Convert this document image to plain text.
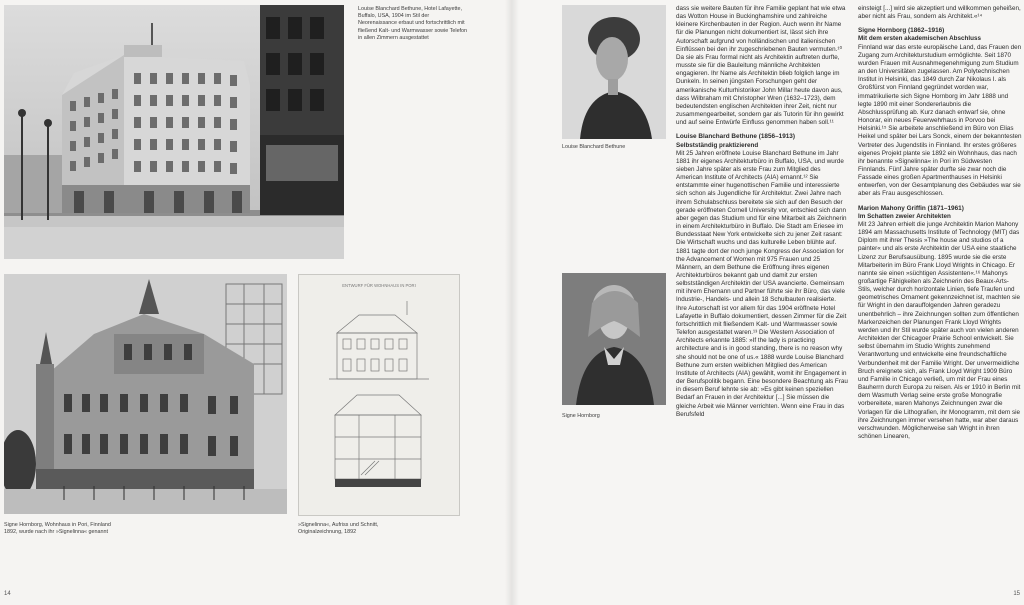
Louise Blanchard Bethune, Hotel Lafayette, Buffalo, USA, 1904 im Stil der Neorenaissance erbaut und fortschrittlich mit fließend Kalt- und Warmwasser sowie Telefon in allen Zimmern ausgestattet

Signe Hornborg, Wohnhaus in Pori, Finnland 1892, wurde nach ihr »Signelinna« genannt

ENTWURF FÜR WOHNHAUS IN PORI

»Signelinna«, Aufriss und Schnitt, Originalzeichnung, 1892

14

Louise Blanchard Bethune

Signe Hornborg

dass sie weitere Bauten für ihre Familie geplant hat wie etwa das Wotton House in Buckinghamshire und zahlreiche kleinere Kirchenbauten in der Region. Auch wenn ihr Name für die Planungen nicht dokumentiert ist, lässt sich ihre Autorschaft aufgrund von holländischen und italienischen Einflüssen bei den ihr zugeschriebenen Bauten vermuten.¹⁰ Da sie als Frau formal nicht als Architektin auftreten durfte, musste sie für die Bauleitung männliche Architekten engagieren. Ihr Name als Architektin blieb folglich lange im Dunkeln. In seinen jüngsten Forschungen geht der amerikanische Kulturhistoriker John Millar heute davon aus, dass Wilbraham mit Christopher Wren (1632–1723), dem bedeutendsten englischen Architekten ihrer Zeit, nicht nur zusammengearbeitet, sondern gar als Tutorin für ihn gewirkt und auf seine Entwürfe Einfluss genommen haben soll.¹¹

Louise Blanchard Bethune (1856–1913)

Selbstständig praktizierend

Mit 25 Jahren eröffnete Louise Blanchard Bethune im Jahr 1881 ihr eigenes Architekturbüro in Buffalo, USA, und wurde sieben Jahre später als erste Frau zum Mitglied des American Institute of Architects (AIA) ernannt.¹² Sie entstammte einer hugenottischen Familie und interessierte sich schon als Jugendliche für Architektur. Zwei Jahre nach ihrem Schulabschluss bereitete sie sich auf den Besuch der gerade eröffneten Cornell University vor, entschied sich dann aber gegen das Studium und für eine Mitarbeit als Zeichnerin in einem Architekturbüro in Buffalo. Die Stadt am Eriesee im Bundesstaat New York entwickelte sich zu jener Zeit rasant: Die Wirtschaft wuchs und das kulturelle Leben blühte auf. 1881 tagte dort der noch junge Kongress der Association for the Advancement of Women mit 975 Frauen und 25 Männern, an dem Bethune die Eröffnung ihres eigenen Architekturbüros bekannt gab und damit zur ersten selbstständigen Architektin der USA avancierte. Gemeinsam mit ihrem Ehemann und Partner führte sie ihr Büro, das viele Industrie-, Handels- und allein 18 Schulbauten realisierte. Ihre Autorschaft ist vor allem für das 1904 eröffnete Hotel Lafayette in Buffalo dokumentiert, dessen Zimmer für die Zeit fortschrittlich mit fließendem Kalt- und Warmwasser sowie Telefon ausgestattet waren.¹³ Die Western Association of Architects erkannte 1885: »If the lady is practicing architecture and is in good standing, there is no reason why she should not be one of us.« 1888 wurde Louise Blanchard Bethune zum ersten weiblichen Mitglied des American Institute of Architects (AIA) gewählt, womit ihr Engagement in der Berufspolitik begann. Eine besondere Beachtung als Frau in diesem Beruf lehnte sie ab: »Es gibt keinen speziellen Bedarf an Frauen in der Architektur [...] Sie müssen die gleiche Arbeit wie Männer verrichten. Wenn eine Frau in das Berufsfeld

einsteigt [...] wird sie akzeptiert und willkommen geheißen, aber nicht als Frau, sondern als Architekt.«¹⁴

Signe Hornborg (1862–1916)

Mit dem ersten akademischen Abschluss

Finnland war das erste europäische Land, das Frauen den Zugang zum Architekturstudium ermöglichte. Seit 1870 wurden Frauen mit Ausnahmegenehmigung zum Studium an den Universitäten zugelassen. Am Polytechnischen Institut in Helsinki, das 1849 durch Zar Nikolaus I. als Großfürst von Finnland gegründet worden war, immatrikulierte sich Signe Hornborg im Jahr 1888 und legte 1890 mit einer Sondererlaubnis die Abschlussprüfung ab. Kurz danach entwarf sie, ohne Honorar, ein neues Feuerwehrhaus in Porvoo bei Helsinki.¹⁵ Sie arbeitete anschließend im Büro von Elias Heikel und später bei Lars Sonck, einem der bekanntesten Vertreter des Jugendstils in Finnland. Ihr erstes größeres eigenes Projekt plante sie 1892 ein Wohnhaus, das nach ihr benannte »Signelinna« in Pori im Südwesten Finnlands. Fünf Jahre später durfte sie zwar noch die Fassade eines großen Apartmenthauses in Helsinki entwerfen, von der Gesamtplanung des Gebäudes war sie aber als Frau ausgeschlossen.

Marion Mahony Griffin (1871–1961)

Im Schatten zweier Architekten

Mit 23 Jahren erhielt die junge Architektin Marion Mahony 1894 am Massachusetts Institute of Technology (MIT) das Diplom mit ihrer Thesis »The house and studios of a painter« und als erste Architektin der USA eine staatliche Lizenz zur Berufsausübung. 1895 wurde sie die erste Mitarbeiterin im Büro Frank Lloyd Wrights in Chicago. Er nannte sie einen »süchtigen Assistenten«.¹⁶ Mahonys großartige Fähigkeiten als Zeichnerin des Beaux-Arts-Stils, welcher durch horizontale Linien, tiefe Traufen und geometrisches Ornament gekennzeichnet ist, machten sie für Wright in den darauffolgenden Jahren geradezu unentbehrlich – ihre Zeichnungen sollten zum öffentlichen Markenzeichen der Planungen Frank Lloyd Wrights werden und ihr Stil wurde später auch von vielen anderen Architekten der Chicagoer Prairie School entwickelt. Sie selbst übernahm im Studio Wrights zunehmend Verantwortung und entwickelte eine freundschaftliche Verbundenheit mit der Familie Wright. Der unvermeidliche Bruch ereignete sich, als Frank Lloyd Wright 1909 Büro und Familie in Chicago verließ, um mit der Frau eines Bauherrn durch Europa zu reisen. Als er 1910 in Berlin mit dem Wasmuth Verlag seine erste große Monografie vorbereitete, waren Mahonys Zeichnungen zwar die Vorlagen für die Lithografien, ihr Monogramm, mit dem sie ihre Zeichnungen immer versehen hatte, war aber daraus verschwunden. Möglicherweise sah Wright in ihren schönen Linearen,

15
